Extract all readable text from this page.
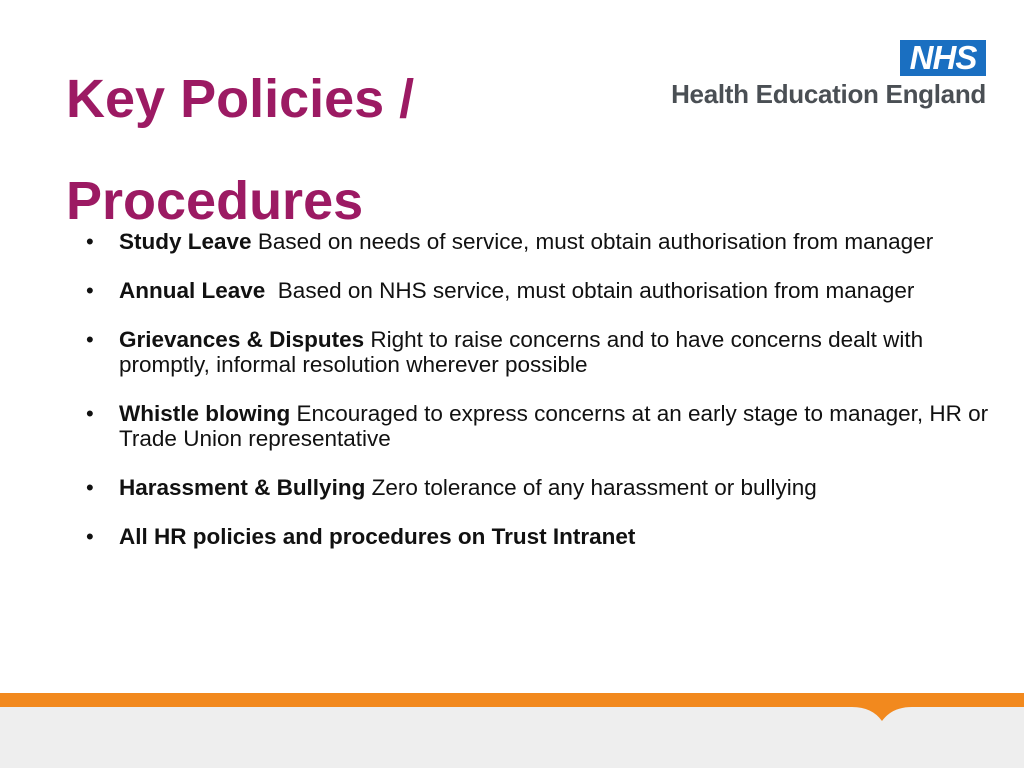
Key Policies /
Procedures
NHS
Health Education England
• Study Leave Based on needs of service, must obtain authorisation from manager
• Annual Leave  Based on NHS service, must obtain authorisation from manager
• Grievances & Disputes Right to raise concerns and to have concerns dealt with promptly, informal resolution wherever possible
• Whistle blowing Encouraged to express concerns at an early stage to manager, HR or Trade Union representative
• Harassment & Bullying Zero tolerance of any harassment or bullying
• All HR policies and procedures on Trust Intranet
